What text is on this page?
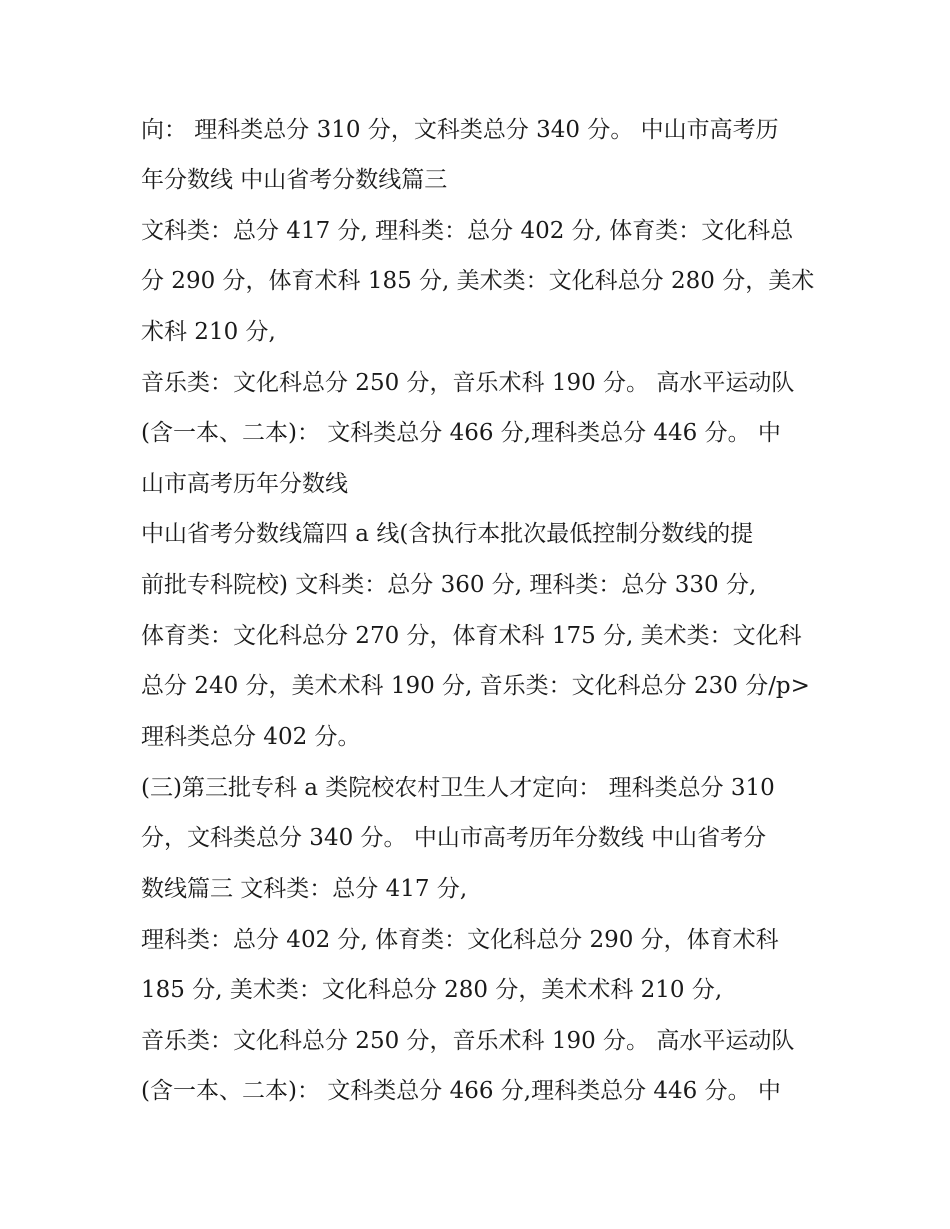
向： 理科类总分 310 分，文科类总分 340 分。 中山市高考历
年分数线 中山省考分数线篇三
文科类：总分 417 分, 理科类：总分 402 分, 体育类：文化科总
分 290 分，体育术科 185 分, 美术类：文化科总分 280 分，美术
术科 210 分,
音乐类：文化科总分 250 分，音乐术科 190 分。 高水平运动队
(含一本、二本)： 文科类总分 466 分,理科类总分 446 分。 中
山市高考历年分数线
中山省考分数线篇四 a 线(含执行本批次最低控制分数线的提
前批专科院校) 文科类：总分 360 分, 理科类：总分 330 分,
体育类：文化科总分 270 分，体育术科 175 分, 美术类：文化科
总分 240 分，美术术科 190 分, 音乐类：文化科总分 230 分/p>
理科类总分 402 分。
(三)第三批专科 a 类院校农村卫生人才定向： 理科类总分 310
分，文科类总分 340 分。 中山市高考历年分数线 中山省考分
数线篇三 文科类：总分 417 分,
理科类：总分 402 分, 体育类：文化科总分 290 分，体育术科
185 分, 美术类：文化科总分 280 分，美术术科 210 分,
音乐类：文化科总分 250 分，音乐术科 190 分。 高水平运动队
(含一本、二本)： 文科类总分 466 分,理科类总分 446 分。 中
